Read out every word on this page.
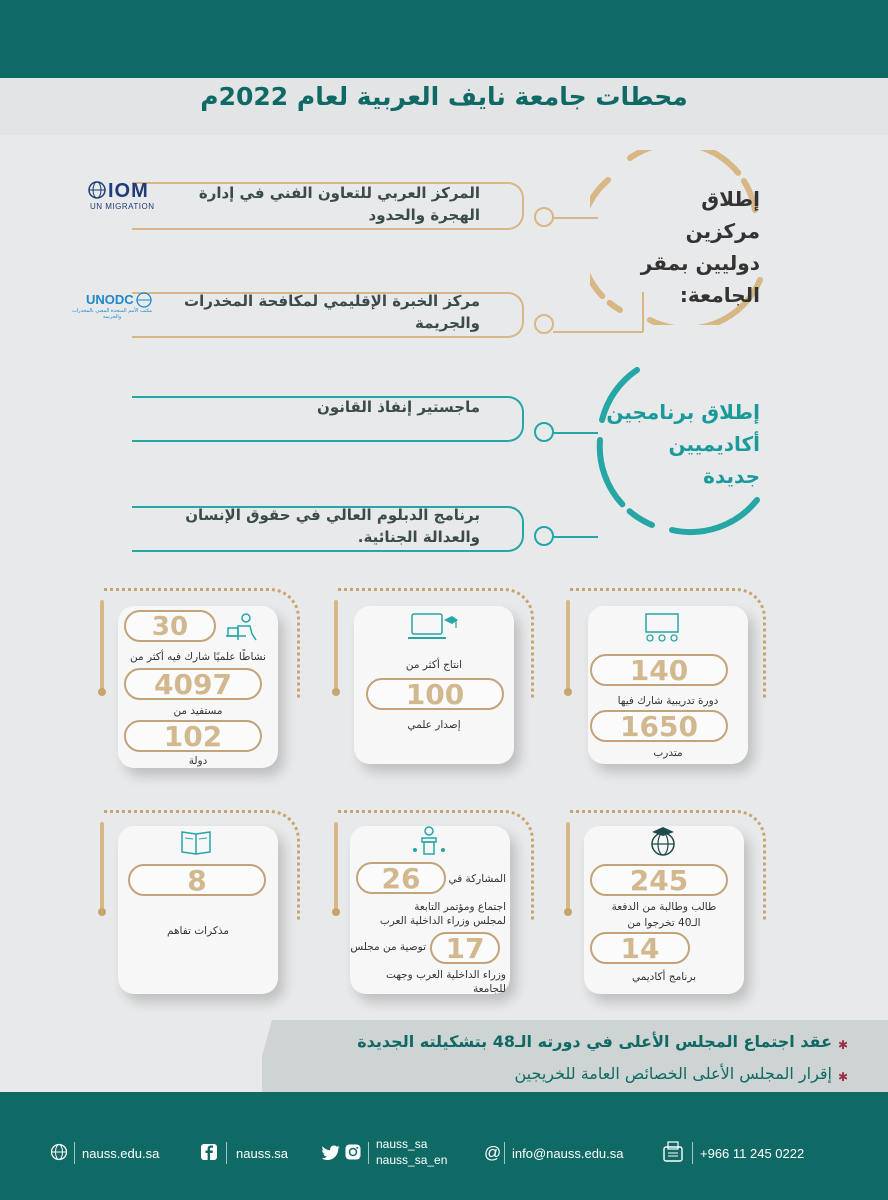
محطات جامعة نايف العربية لعام 2022م
إطلاق مركزين
دوليين بمقر
الجامعة:
المركز العربي للتعاون الفني في إدارة
الهجرة والحدود
IOM
UN MIGRATION
مركز الخبرة الإقليمي لمكافحة المخدرات
والجريمة
UNODC
مكتب الأمم المتحدة المعني بالمخدرات والجريمة
إطلاق برنامجين
أكاديميين
جديدة
ماجستير إنفاذ القانون
برنامج الدبلوم العالي في حقوق الإنسان
والعدالة الجنائية.
30
نشاطًا علميًا شارك فيه أكثر من
4097
مستفيد من
102
دولة
انتاج أكثر من
100
إصدار علمي
140
دورة تدريبية شارك فيها
1650
متدرب
8
مذكرات تفاهم
المشاركة في
26
اجتماع ومؤتمر التابعة
لمجلس وزراء الداخلية العرب
17
توصية من مجلس
وزراء الداخلية العرب وجهت للجامعة
245
طالب وطالبة من الدفعة
الـ40 تخرجوا من
14
برنامج أكاديمي
✱
عقد اجتماع المجلس الأعلى في دورته الـ48 بتشكيلته الجديدة
✱
إقرار المجلس الأعلى الخصائص العامة للخريجين
nauss.edu.sa	nauss.sa
nauss_sa
nauss_sa_en @ info@nauss.edu.sa	+966 11 245 0222
